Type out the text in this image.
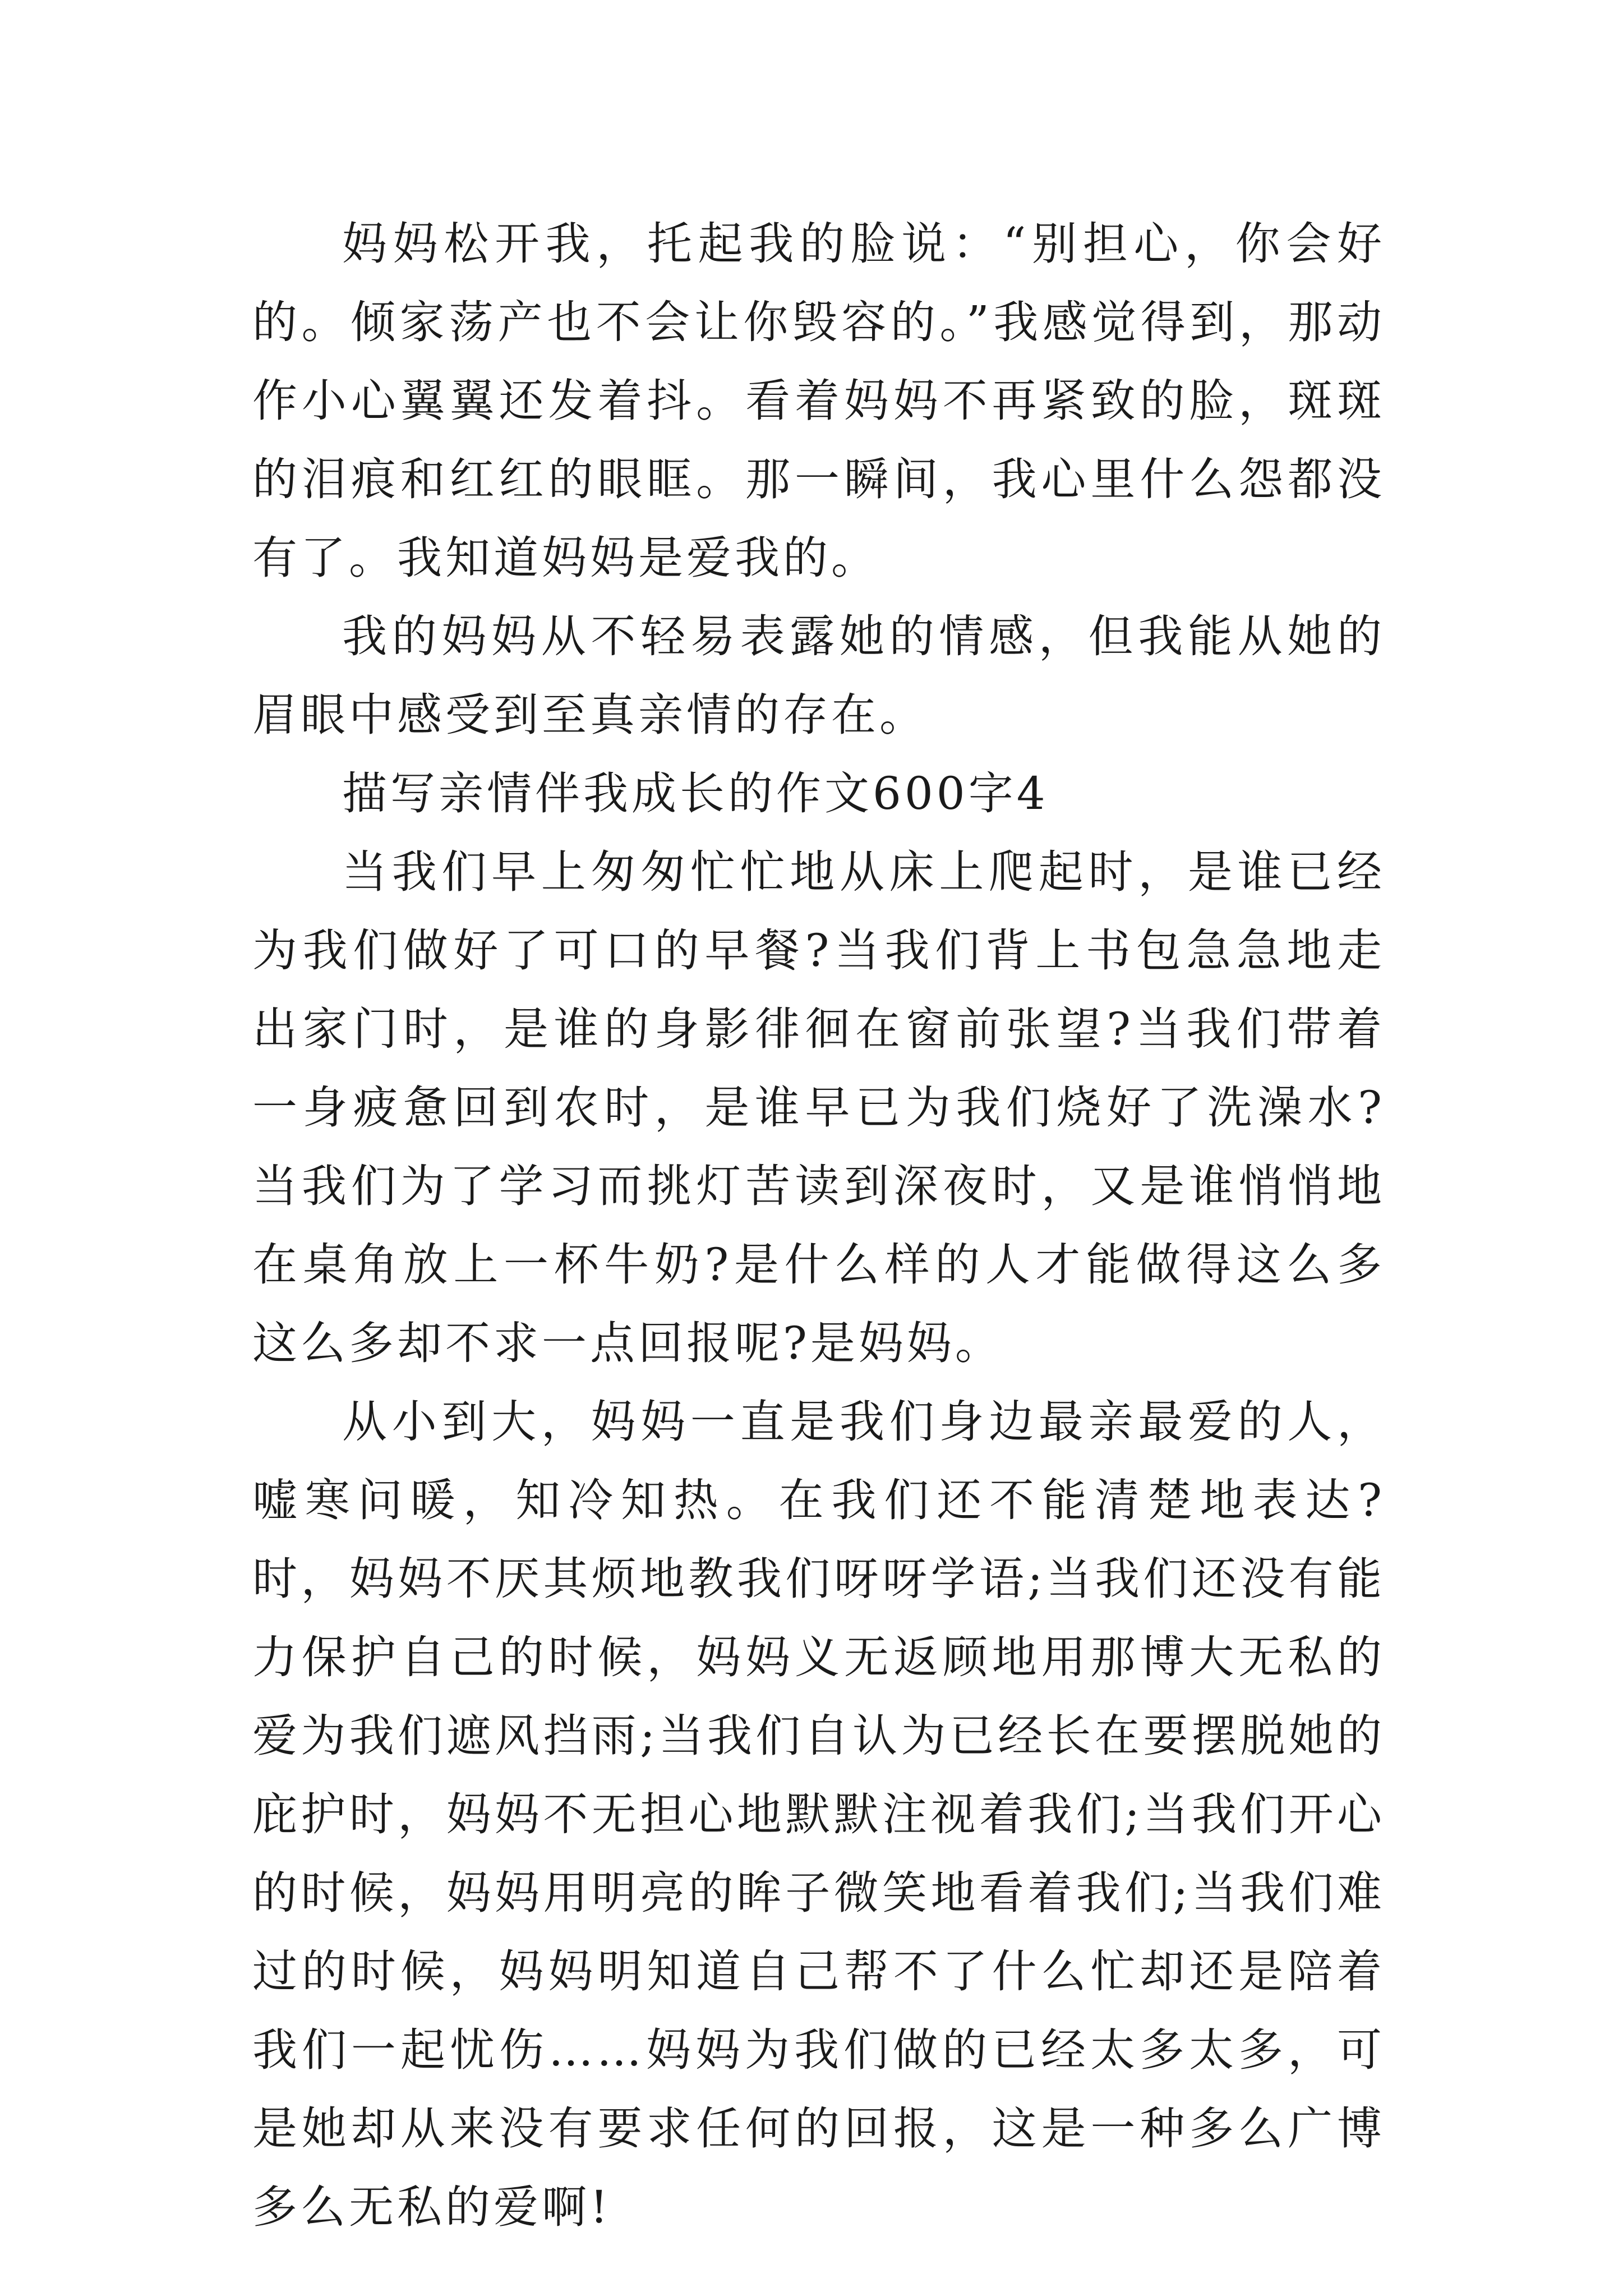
妈妈松开我，托起我的脸说：“别担心，你会好的。倾家荡产也不会让你毁容的。”我感觉得到，那动作小心翼翼还发着抖。看着妈妈不再紧致的脸，斑斑的泪痕和红红的眼眶。那一瞬间，我心里什么怨都没有了。我知道妈妈是爱我的。

我的妈妈从不轻易表露她的情感，但我能从她的眉眼中感受到至真亲情的存在。

描写亲情伴我成长的作文600字4

当我们早上匆匆忙忙地从床上爬起时，是谁已经为我们做好了可口的早餐?当我们背上书包急急地走出家门时，是谁的身影徘徊在窗前张望?当我们带着一身疲惫回到农时，是谁早已为我们烧好了洗澡水?当我们为了学习而挑灯苦读到深夜时，又是谁悄悄地在桌角放上一杯牛奶?是什么样的人才能做得这么多这么多却不求一点回报呢?是妈妈。

从小到大，妈妈一直是我们身边最亲最爱的人，嘘寒问暖，知冷知热。在我们还不能清楚地表达?时，妈妈不厌其烦地教我们呀呀学语;当我们还没有能力保护自己的时候，妈妈义无返顾地用那博大无私的爱为我们遮风挡雨;当我们自认为已经长在要摆脱她的庇护时，妈妈不无担心地默默注视着我们;当我们开心的时候，妈妈用明亮的眸子微笑地看着我们;当我们难过的时候，妈妈明知道自己帮不了什么忙却还是陪着我们一起忧伤……妈妈为我们做的已经太多太多，可是她却从来没有要求任何的回报，这是一种多么广博多么无私的爱啊!
